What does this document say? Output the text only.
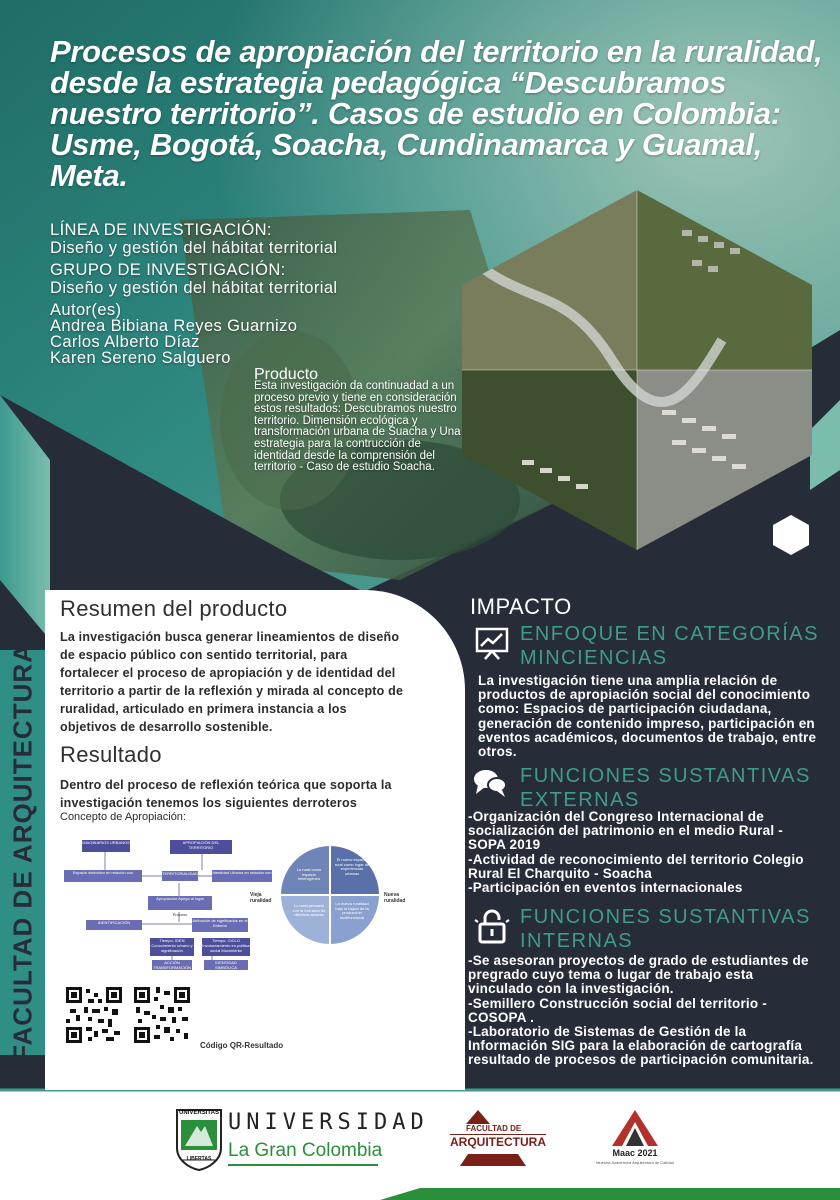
Procesos de apropiación del territorio en la ruralidad, desde la estrategia pedagógica “Descubramos nuestro territorio”. Casos de estudio en Colombia: Usme, Bogotá, Soacha, Cundinamarca y Guamal, Meta.
LÍNEA DE INVESTIGACIÓN:
Diseño y gestión del hábitat territorial
GRUPO DE INVESTIGACIÓN:
Diseño y gestión del hábitat territorial
Autor(es)
Andrea Bibiana Reyes Guarnizo
Carlos Alberto Díaz
Karen Sereno Salguero
Producto
Esta investigación da continuadad a un proceso previo y tiene en consideración estos resultados: Descubramos nuestro territorio. Dimensión ecológica y transformación urbana de Suacha y Una estrategia para la contrucción de identidad desde la comprensión del territorio - Caso de estudio Soacha.
FACULTAD DE ARQUITECTURA
Resumen del producto

La investigación busca generar lineamientos de diseño de espacio público con sentido territorial, para fortalecer el proceso de apropiación y de identidad del territorio a partir de la reflexión y mirada al concepto de ruralidad, articulado en primera instancia a los objetivos de desarrollo sostenible.

Resultado

Dentro del proceso de reflexión teórica que soporta la investigación tenemos los siguientes derroteros

Concepto de Apropiación:
IMAGINARIOS URBANOS	APROPIACIÓN DEL TERRITORIO
Espacio simbólico en relación con	TERRITORIALIDAD	Identidad Urbana en relación con
Apropiación Apego al lugar
Proceso
IDENTIFICACIÓN	Atribución de significados en el Entorno
Tiempo, IDEN Conocimiento urbano y significación
Tiempo, CICLO Involucramiento en política social Movimiento
ACCIÓN TRANSFORMACIÓN
IDENTIDAD SIMBÓLICA
Lo rural como espacio heterogéneo
El nuevo espacio rural como lugar de experiencias urbanas
Lo rural pensado con la inclusión de diversos actores
La nueva ruralidad bajo la lógica de la producción multifuncional
Vieja ruralidad
Nueva ruralidad
Código QR-Resultado
IMPACTO
ENFOQUE EN CATEGORÍAS MINCIENCIAS
La investigación tiene una amplia relación de productos de apropiación social del conocimiento como: Espacios de participación ciudadana, generación de contenido impreso, participación en eventos académicos, documentos de trabajo, entre otros.
FUNCIONES SUSTANTIVAS EXTERNAS
-Organización del Congreso Internacional de socialización del patrimonio en el medio Rural - SOPA 2019
-Actividad de reconocimiento del territorio Colegio Rural El Charquito - Soacha
-Participación en eventos internacionales
FUNCIONES SUSTANTIVAS INTERNAS
-Se asesoran proyectos de grado de estudiantes de pregrado cuyo tema o lugar de trabajo esta vinculado con la investigación.
-Semillero Construcción social del territorio - COSOPA .
-Laboratorio de Sistemas de Gestión de la Información SIG para la elaboración de cartografía resultado de procesos de participación comunitaria.
UNIVERSITAS
LIBERTAS
UNIVERSIDAD
La Gran Colombia
FACULTAD DE
ARQUITECTURA
Maac 2021
Muestra Académica Arquitectura de Calidad
